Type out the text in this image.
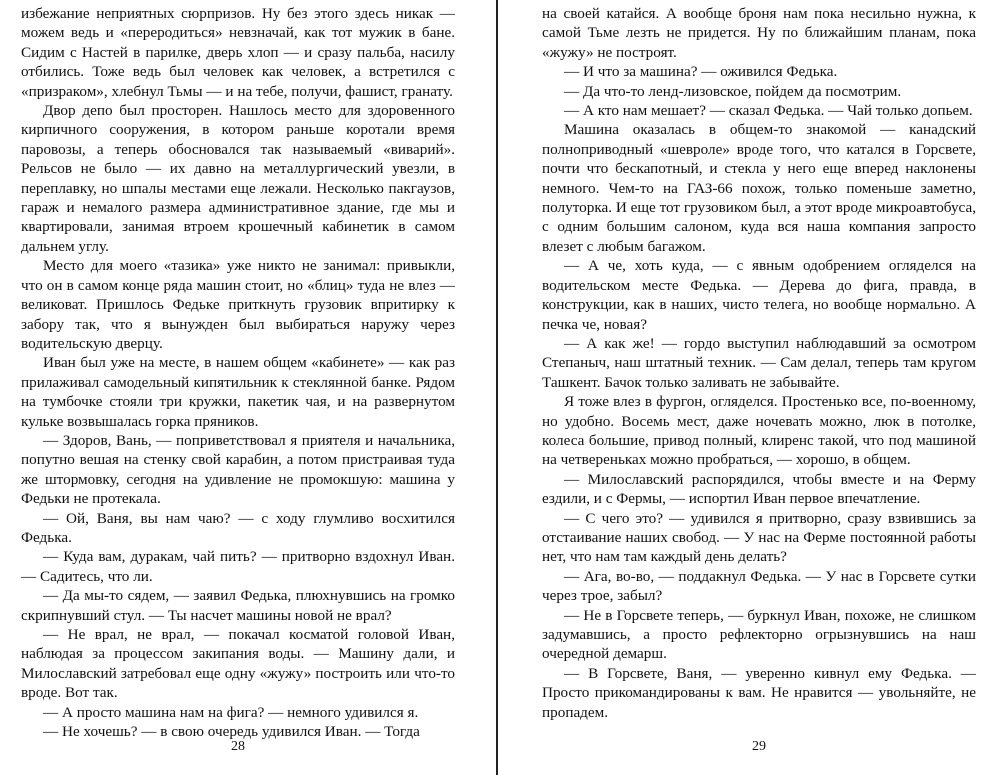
избежание неприятных сюрпризов. Ну без этого здесь никак — можем ведь и «переродиться» невзначай, как тот мужик в бане. Сидим с Настей в парилке, дверь хлоп — и сразу пальба, насилу отбились. Тоже ведь был человек как человек, а встретился с «призраком», хлебнул Тьмы — и на тебе, получи, фашист, гранату.

Двор депо был просторен. Нашлось место для здоровенного кирпичного сооружения, в котором раньше коротали время паровозы, а теперь обосновался так называемый «виварий». Рельсов не было — их давно на металлургический увезли, в переплавку, но шпалы местами еще лежали. Несколько пакгаузов, гараж и немалого размера административное здание, где мы и квартировали, занимая втроем крошечный кабинетик в самом дальнем углу.

Место для моего «тазика» уже никто не занимал: привыкли, что он в самом конце ряда машин стоит, но «блиц» туда не влез — великоват. Пришлось Федьке приткнуть грузовик впритирку к забору так, что я вынужден был выбираться наружу через водительскую дверцу.

Иван был уже на месте, в нашем общем «кабинете» — как раз прилаживал самодельный кипятильник к стеклянной банке. Рядом на тумбочке стояли три кружки, пакетик чая, и на развернутом кульке возвышалась горка пряников.

— Здоров, Вань, — поприветствовал я приятеля и начальника, попутно вешая на стенку свой карабин, а потом пристраивая туда же штормовку, сегодня на удивление не промокшую: машина у Федьки не протекала.

— Ой, Ваня, вы нам чаю? — с ходу глумливо восхитился Федька.

— Куда вам, дуракам, чай пить? — притворно вздохнул Иван. — Садитесь, что ли.

— Да мы-то сядем, — заявил Федька, плюхнувшись на громко скрипнувший стул. — Ты насчет машины новой не врал?

— Не врал, не врал, — покачал косматой головой Иван, наблюдая за процессом закипания воды. — Машину дали, и Милославский затребовал еще одну «жужу» построить или что-то вроде. Вот так.

— А просто машина нам на фига? — немного удивился я.

— Не хочешь? — в свою очередь удивился Иван. — Тогда

28

на своей катайся. А вообще броня нам пока несильно нужна, к самой Тьме лезть не придется. Ну по ближайшим планам, пока «жужу» не построят.

— И что за машина? — оживился Федька.

— Да что-то ленд-лизовское, пойдем да посмотрим.

— А кто нам мешает? — сказал Федька. — Чай только допьем.

Машина оказалась в общем-то знакомой — канадский полноприводный «шевроле» вроде того, что катался в Горсвете, почти что бескапотный, и стекла у него еще вперед наклонены немного. Чем-то на ГАЗ-66 похож, только поменьше заметно, полуторка. И еще тот грузовиком был, а этот вроде микроавтобуса, с одним большим салоном, куда вся наша компания запросто влезет с любым багажом.

— А че, хоть куда, — с явным одобрением огляделся на водительском месте Федька. — Дерева до фига, правда, в конструкции, как в наших, чисто телега, но вообще нормально. А печка че, новая?

— А как же! — гордо выступил наблюдавший за осмотром Степаныч, наш штатный техник. — Сам делал, теперь там кругом Ташкент. Бачок только заливать не забывайте.

Я тоже влез в фургон, огляделся. Простенько все, по-военному, но удобно. Восемь мест, даже ночевать можно, люк в потолке, колеса большие, привод полный, клиренс такой, что под машиной на четвереньках можно пробраться, — хорошо, в общем.

— Милославский распорядился, чтобы вместе и на Ферму ездили, и с Фермы, — испортил Иван первое впечатление.

— С чего это? — удивился я притворно, сразу взвившись за отстаивание наших свобод. — У нас на Ферме постоянной работы нет, что нам там каждый день делать?

— Ага, во-во, — поддакнул Федька. — У нас в Горсвете сутки через трое, забыл?

— Не в Горсвете теперь, — буркнул Иван, похоже, не слишком задумавшись, а просто рефлекторно огрызнувшись на наш очередной демарш.

— В Горсвете, Ваня, — уверенно кивнул ему Федька. — Просто прикомандированы к вам. Не нравится — увольняйте, не пропадем.

29
